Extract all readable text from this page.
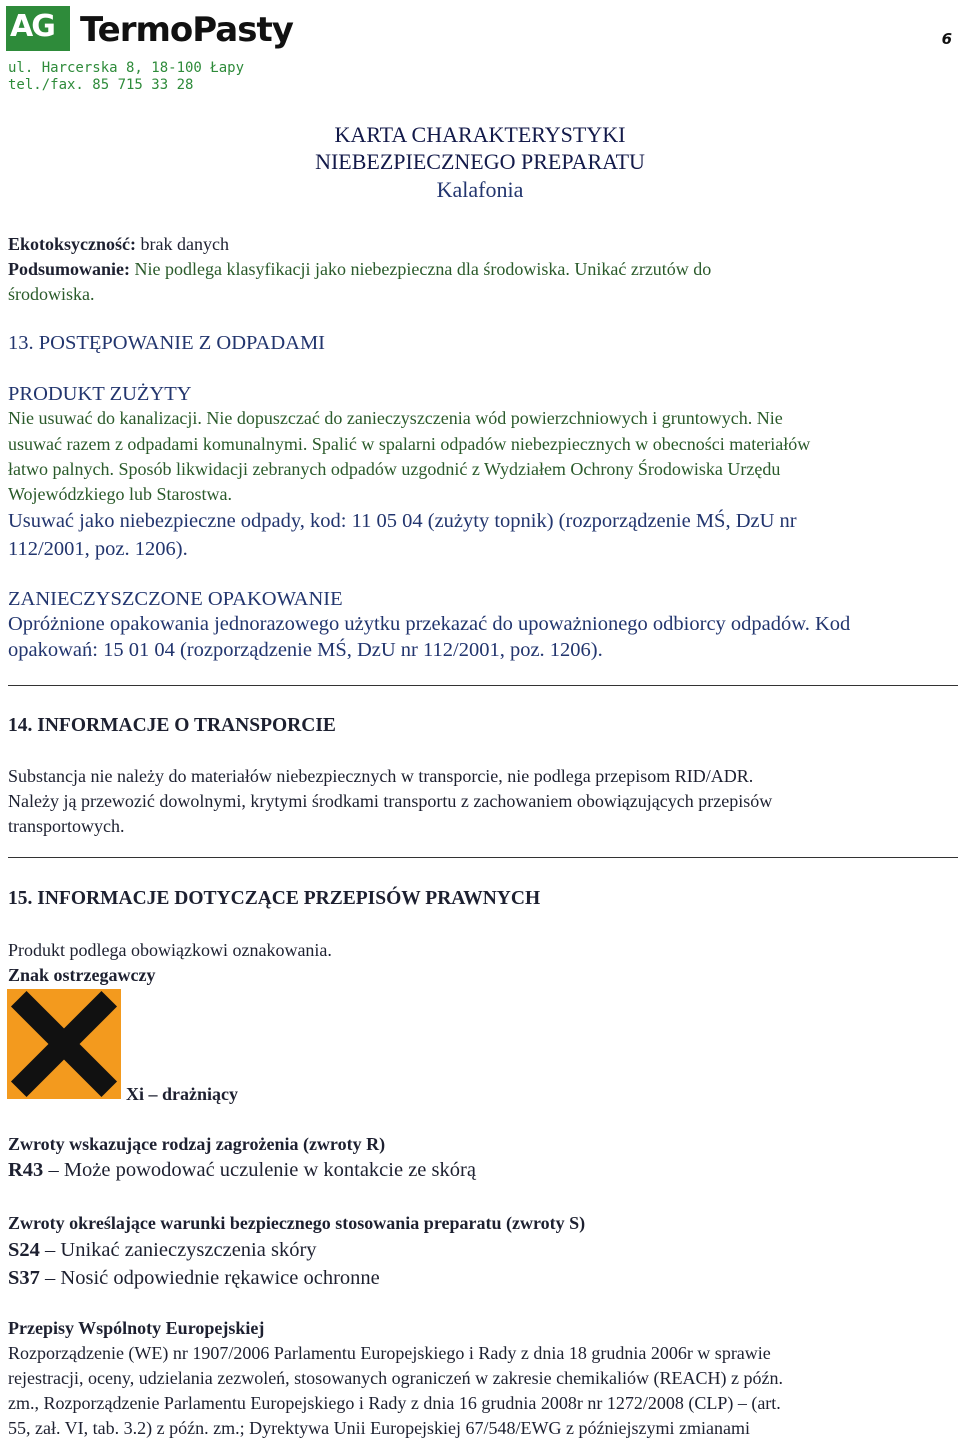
AG TermoPasty
ul. Harcerska 8, 18-100 Łapy
tel./fax. 85 715 33 28
6
KARTA CHARAKTERYSTYKI
NIEBEZPIECZNEGO PREPARATU
Kalafonia
Ekotoksyczność: brak danych
Podsumowanie: Nie podlega klasyfikacji jako niebezpieczna dla środowiska. Unikać zrzutów do
środowiska.
13. POSTĘPOWANIE Z ODPADAMI
PRODUKT ZUŻYTY
Nie usuwać do kanalizacji. Nie dopuszczać do zanieczyszczenia wód powierzchniowych i gruntowych. Nie
usuwać razem z odpadami komunalnymi. Spalić w spalarni odpadów niebezpiecznych w obecności materiałów
łatwo palnych. Sposób likwidacji zebranych odpadów uzgodnić z Wydziałem Ochrony Środowiska Urzędu
Wojewódzkiego lub Starostwa.
Usuwać jako niebezpieczne odpady, kod: 11 05 04 (zużyty topnik) (rozporządzenie MŚ, DzU nr
112/2001, poz. 1206).
ZANIECZYSZCZONE OPAKOWANIE
Opróżnione opakowania jednorazowego użytku przekazać do upoważnionego odbiorcy odpadów. Kod
opakowań: 15 01 04 (rozporządzenie MŚ, DzU nr 112/2001, poz. 1206).
14. INFORMACJE O TRANSPORCIE
Substancja nie należy do materiałów niebezpiecznych w transporcie, nie podlega przepisom RID/ADR.
Należy ją przewozić dowolnymi, krytymi środkami transportu z zachowaniem obowiązujących przepisów
transportowych.
15. INFORMACJE DOTYCZĄCE PRZEPISÓW PRAWNYCH
Produkt podlega obowiązkowi oznakowania.
Znak ostrzegawczy
Xi – drażniący
Zwroty wskazujące rodzaj zagrożenia (zwroty R)
R43 – Może powodować uczulenie w kontakcie ze skórą
Zwroty określające warunki bezpiecznego stosowania preparatu (zwroty S)
S24 – Unikać zanieczyszczenia skóry
S37 – Nosić odpowiednie rękawice ochronne
Przepisy Wspólnoty Europejskiej
Rozporządzenie (WE) nr 1907/2006 Parlamentu Europejskiego i Rady z dnia 18 grudnia 2006r w sprawie
rejestracji, oceny, udzielania zezwoleń, stosowanych ograniczeń w zakresie chemikaliów (REACH) z późn.
zm., Rozporządzenie Parlamentu Europejskiego i Rady z dnia 16 grudnia 2008r nr 1272/2008 (CLP) – (art.
55, zał. VI, tab. 3.2) z późn. zm.; Dyrektywa Unii Europejskiej 67/548/EWG z późniejszymi zmianami
